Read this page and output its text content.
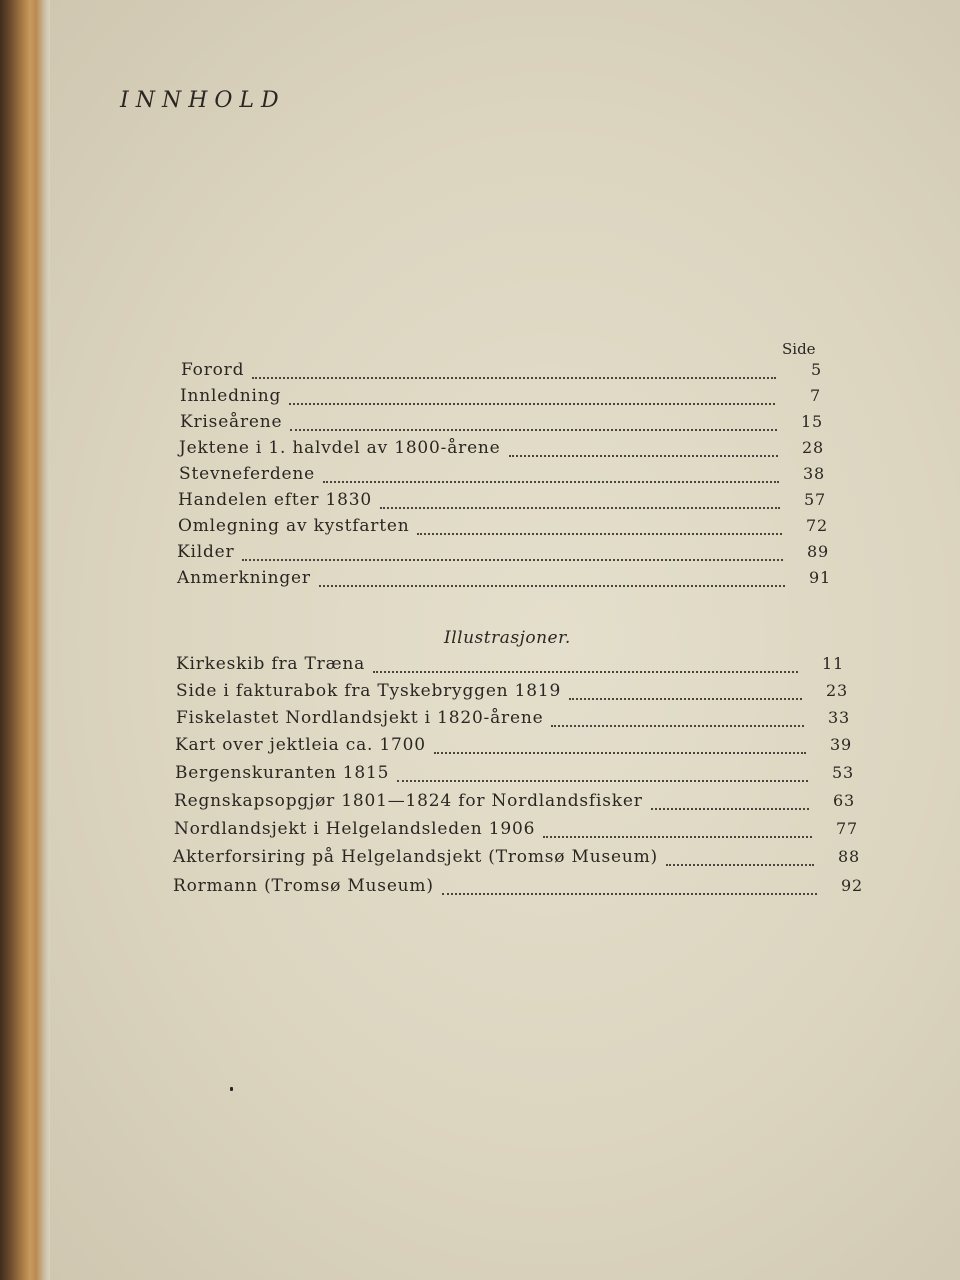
INNHOLD
Side
Forord	5
Innledning	7
Kriseårene	15
Jektene i 1. halvdel av 1800-årene	28
Stevneferdene	38
Handelen efter 1830	57
Omlegning av kystfarten	72
Kilder	89
Anmerkninger	91
Illustrasjoner.
Kirkeskib fra Træna	11
Side i fakturabok fra Tyskebryggen 1819	23
Fiskelastet Nordlandsjekt i 1820-årene	33
Kart over jektleia ca. 1700	39
Bergenskuranten 1815	53
Regnskapsopgjør 1801—1824 for Nordlandsfisker	63
Nordlandsjekt i Helgelandsleden 1906	77
Akterforsiring på Helgelandsjekt (Tromsø Museum)	88
Rormann (Tromsø Museum)	92
